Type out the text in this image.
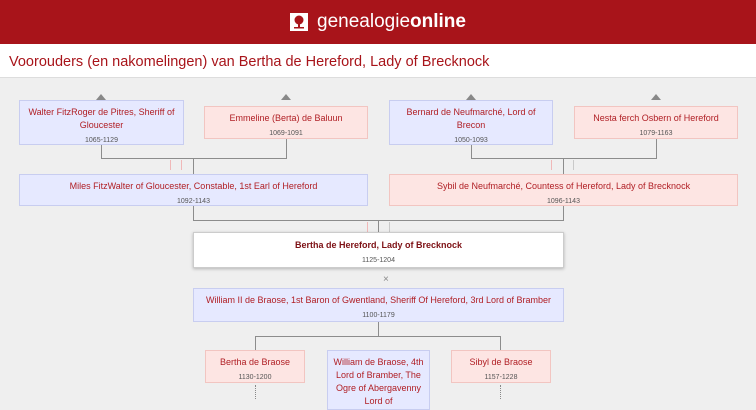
genealogieonline
Voorouders (en nakomelingen) van Bertha de Hereford, Lady of Brecknock
Walter FitzRoger de Pitres, Sheriff of Gloucester
1065-1129
Emmeline (Berta) de Baluun
1069-1091
Bernard de Neufmarché, Lord of Brecon
1050-1093
Nesta ferch Osbern of Hereford
1079-1163
Miles FitzWalter of Gloucester, Constable, 1st Earl of Hereford
1092-1143
Sybil de Neufmarché, Countess of Hereford, Lady of Brecknock
1096-1143
Bertha de Hereford, Lady of Brecknock
1125-1204
×
William II de Braose, 1st Baron of Gwentland, Sheriff Of Hereford, 3rd Lord of Bramber
1100-1179
Bertha de Braose
1130-1200
William de Braose, 4th Lord of Bramber, The Ogre of Abergavenny Lord of
Sibyl de Braose
1157-1228
